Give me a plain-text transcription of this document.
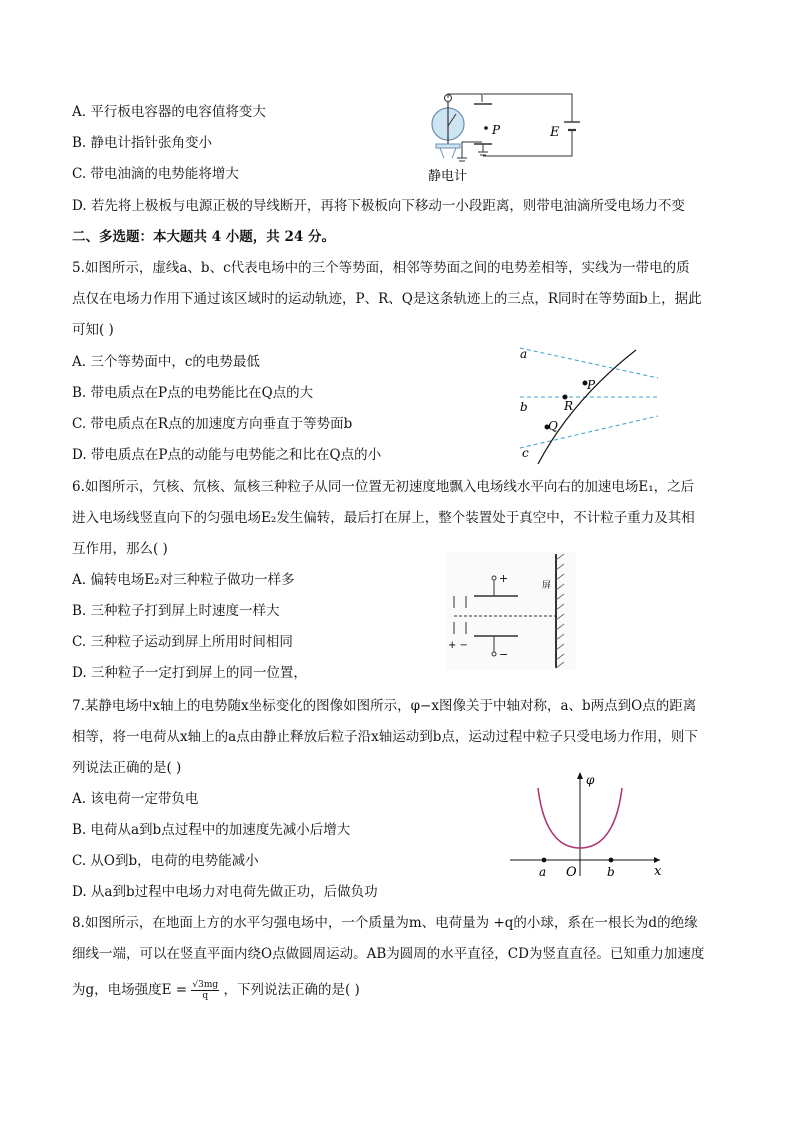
A. 平行板电容器的电容值将变大
B. 静电计指针张角变小
C. 带电油滴的电势能将增大
D. 若先将上极板与电源正极的导线断开，再将下极板向下移动一小段距离，则带电油滴所受电场力不变
P	E
静电计
二、多选题：本大题共 4 小题，共 24 分。
5.如图所示，虚线a、b、c代表电场中的三个等势面，相邻等势面之间的电势差相等，实线为一带电的质
点仅在电场力作用下通过该区域时的运动轨迹，P、R、Q是这条轨迹上的三点，R同时在等势面b上，据此
可知( )
A. 三个等势面中，c的电势最低
B. 带电质点在P点的电势能比在Q点的大
C. 带电质点在R点的加速度方向垂直于等势面b
D. 带电质点在P点的动能与电势能之和比在Q点的小
a
b
c
P
R
Q
6.如图所示，氕核、氘核、氚核三种粒子从同一位置无初速度地飘入电场线水平向右的加速电场E₁，之后
进入电场线竖直向下的匀强电场E₂发生偏转，最后打在屏上，整个装置处于真空中，不计粒子重力及其相
互作用，那么( )
A. 偏转电场E₂对三种粒子做功一样多
B. 三种粒子打到屏上时速度一样大
C. 三种粒子运动到屏上所用时间相同
D. 三种粒子一定打到屏上的同一位置，
+ −
+
−
屏
7.某静电场中x轴上的电势随x坐标变化的图像如图所示，φ−x图像关于中轴对称，a、b两点到O点的距离
相等，将一电荷从x轴上的a点由静止释放后粒子沿x轴运动到b点，运动过程中粒子只受电场力作用，则下
列说法正确的是( )
A. 该电荷一定带负电
B. 电荷从a到b点过程中的加速度先减小后增大
C. 从O到b，电荷的电势能减小
D. 从a到b过程中电场力对电荷先做正功，后做负功
φ
x
a O	b
8.如图所示，在地面上方的水平匀强电场中，一个质量为m、电荷量为 +q的小球，系在一根长为d的绝缘
细线一端，可以在竖直平面内绕O点做圆周运动。AB为圆周的水平直径，CD为竖直直径。已知重力加速度
为g，电场强度$E = \frac{√3mg}{q}$ ，下列说法正确的是( )
